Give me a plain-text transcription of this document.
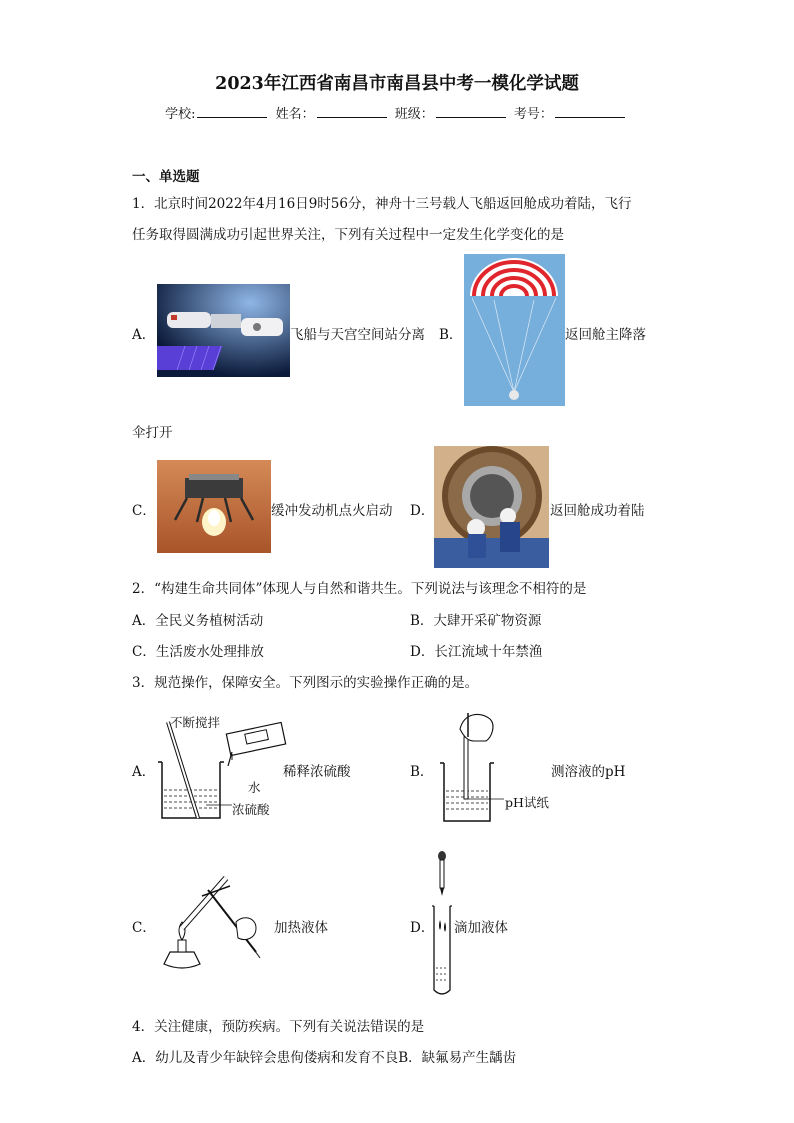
2023年江西省南昌市南昌县中考一模化学试题
学校:	姓名：	班级：	考号：
一、单选题
1．北京时间2022年4月16日9时56分，神舟十三号载人飞船返回舱成功着陆，飞行
任务取得圆满成功引起世界关注，下列有关过程中一定发生化学变化的是
A．	飞船与天宫空间站分离 B．	返回舱主降落
伞打开
C．	缓冲发动机点火启动 D．	返回舱成功着陆
2．“构建生命共同体”体现人与自然和谐共生。下列说法与该理念不相符的是
A．全民义务植树活动	B．大肆开采矿物资源
C．生活废水处理排放	D．长江流域十年禁渔
3．规范操作，保障安全。下列图示的实验操作正确的是。
A．
不断搅拌
水
浓硫酸
稀释浓硫酸	B．
pH试纸
测溶液的pH
C．	加热液体	D． 滴加液体
4．关注健康，预防疾病。下列有关说法错误的是
A．幼儿及青少年缺锌会患佝偻病和发育不良B．缺氟易产生龋齿
